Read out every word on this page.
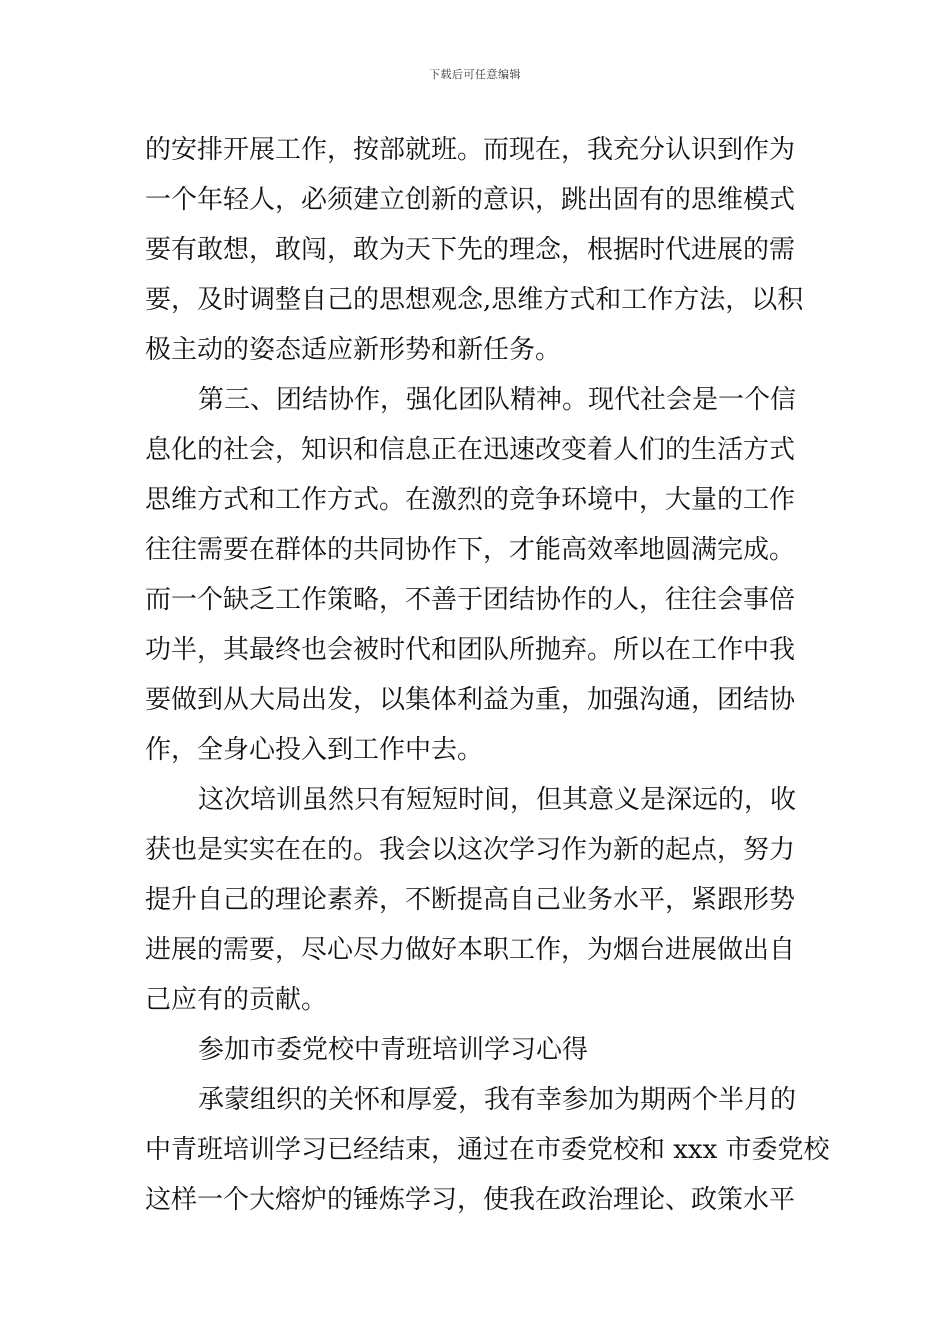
下载后可任意编辑
的安排开展工作，按部就班。而现在，我充分认识到作为
一个年轻人，必须建立创新的意识，跳出固有的思维模式
要有敢想，敢闯，敢为天下先的理念，根据时代进展的需
要，及时调整自己的思想观念,思维方式和工作方法，以积
极主动的姿态适应新形势和新任务。
第三、团结协作，强化团队精神。现代社会是一个信
息化的社会，知识和信息正在迅速改变着人们的生活方式
思维方式和工作方式。在激烈的竞争环境中，大量的工作
往往需要在群体的共同协作下，才能高效率地圆满完成。
而一个缺乏工作策略，不善于团结协作的人，往往会事倍
功半，其最终也会被时代和团队所抛弃。所以在工作中我
要做到从大局出发，以集体利益为重，加强沟通，团结协
作，全身心投入到工作中去。
这次培训虽然只有短短时间，但其意义是深远的，收
获也是实实在在的。我会以这次学习作为新的起点，努力
提升自己的理论素养，不断提高自己业务水平，紧跟形势
进展的需要，尽心尽力做好本职工作，为烟台进展做出自
己应有的贡献。
参加市委党校中青班培训学习心得
承蒙组织的关怀和厚爱，我有幸参加为期两个半月的
中青班培训学习已经结束，通过在市委党校和 xxx 市委党校
这样一个大熔炉的锤炼学习，使我在政治理论、政策水平
